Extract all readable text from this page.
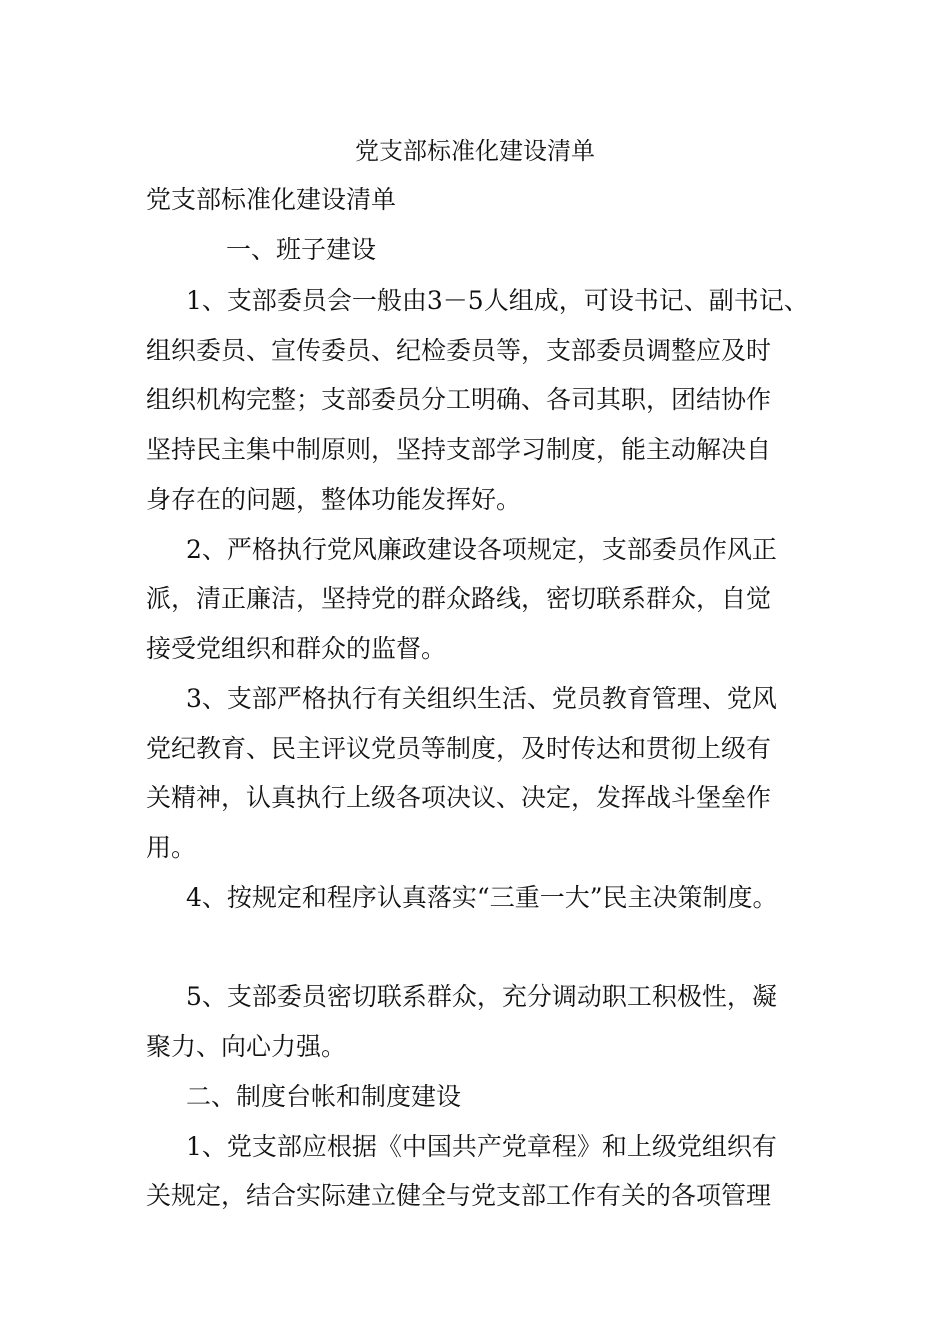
党支部标准化建设清单
党支部标准化建设清单
一、班子建设
1、支部委员会一般由3－5人组成，可设书记、副书记、
组织委员、宣传委员、纪检委员等，支部委员调整应及时
组织机构完整；支部委员分工明确、各司其职，团结协作
坚持民主集中制原则，坚持支部学习制度，能主动解决自
身存在的问题，整体功能发挥好。
2、严格执行党风廉政建设各项规定，支部委员作风正
派，清正廉洁，坚持党的群众路线，密切联系群众，自觉
接受党组织和群众的监督。
3、支部严格执行有关组织生活、党员教育管理、党风
党纪教育、民主评议党员等制度，及时传达和贯彻上级有
关精神，认真执行上级各项决议、决定，发挥战斗堡垒作
用。
4、按规定和程序认真落实“三重一大”民主决策制度。
5、支部委员密切联系群众，充分调动职工积极性，凝
聚力、向心力强。
二、制度台帐和制度建设
1、党支部应根据《中国共产党章程》和上级党组织有
关规定，结合实际建立健全与党支部工作有关的各项管理
